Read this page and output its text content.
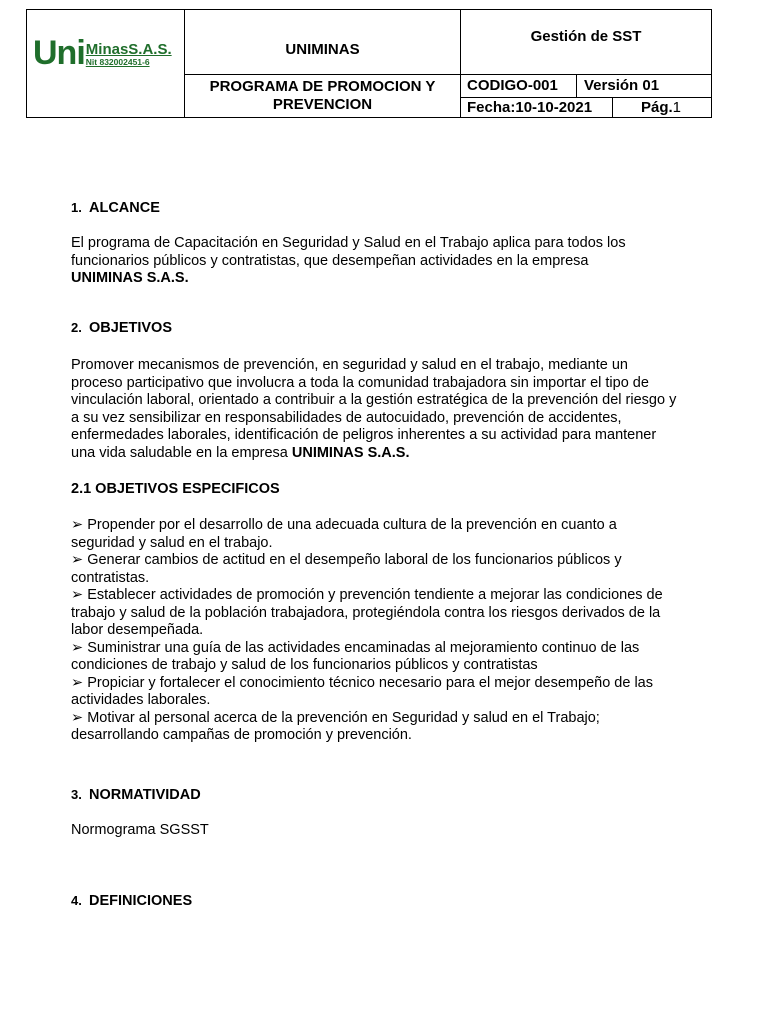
Uni MinasS.A.S.
Nit 832002451-6
UNIMINAS
Gestión de SST
PROGRAMA DE PROMOCION Y PREVENCION
CODIGO-001	Versión 01
Fecha:10-10-2021	Pág. 1
1. ALCANCE

El programa de Capacitación en Seguridad y Salud en el Trabajo aplica para todos los funcionarios públicos y contratistas, que desempeñan actividades en la empresa
UNIMINAS S.A.S.

2. OBJETIVOS

Promover mecanismos de prevención, en seguridad y salud en el trabajo, mediante un proceso participativo que involucra a toda la comunidad trabajadora sin importar el tipo de vinculación laboral, orientado a contribuir a la gestión estratégica de la prevención del riesgo y a su vez sensibilizar en responsabilidades de autocuidado, prevención de accidentes, enfermedades laborales, identificación de peligros inherentes a su actividad para mantener una vida saludable en la empresa UNIMINAS S.A.S.

2.1 OBJETIVOS ESPECIFICOS

➢ Propender por el desarrollo de una adecuada cultura de la prevención en cuanto a seguridad y salud en el trabajo.

➢ Generar cambios de actitud en el desempeño laboral de los funcionarios públicos y contratistas.

➢ Establecer actividades de promoción y prevención tendiente a mejorar las condiciones de trabajo y salud de la población trabajadora, protegiéndola contra los riesgos derivados de la labor desempeñada.

➢ Suministrar una guía de las actividades encaminadas al mejoramiento continuo de las condiciones de trabajo y salud de los funcionarios públicos y contratistas

➢ Propiciar y fortalecer el conocimiento técnico necesario para el mejor desempeño de las actividades laborales.

➢ Motivar al personal acerca de la prevención en Seguridad y salud en el Trabajo; desarrollando campañas de promoción y prevención.

3. NORMATIVIDAD
Normograma SGSST
4. DEFINICIONES
